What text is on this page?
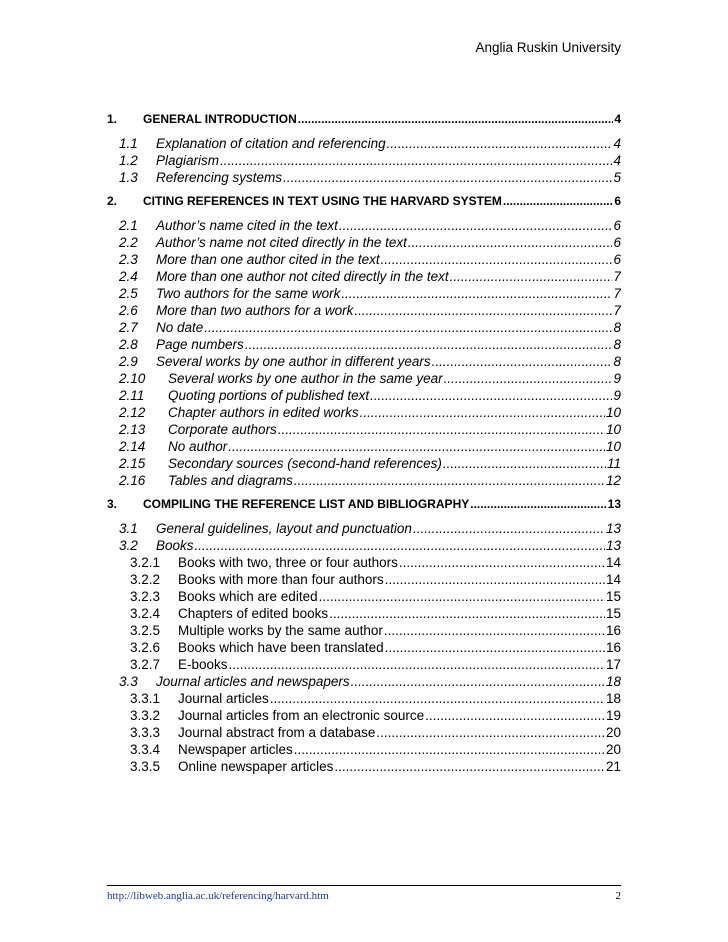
Anglia Ruskin University
1.	GENERAL INTRODUCTION .....	4
1.1	Explanation of citation and referencing .....	4
1.2	Plagiarism .....	4
1.3	Referencing systems .....	5
2.	CITING REFERENCES IN TEXT USING THE HARVARD SYSTEM .....	6
2.1	Author’s name cited in the text .....	6
2.2	Author’s name not cited directly in the text .....	6
2.3	More than one author cited in the text .....	6
2.4	More than one author not cited directly in the text .....	7
2.5	Two authors for the same work .....	7
2.6	More than two authors for a work .....	7
2.7	No date .....	8
2.8	Page numbers .....	8
2.9	Several works by one author in different years .....	8
2.10	Several works by one author in the same year .....	9
2.11	Quoting portions of published text .....	9
2.12	Chapter authors in edited works .....	10
2.13	Corporate authors .....	10
2.14	No author .....	10
2.15	Secondary sources (second-hand references) .....	11
2.16	Tables and diagrams .....	12
3.	COMPILING THE REFERENCE LIST AND BIBLIOGRAPHY .....	13
3.1	General guidelines, layout and punctuation .....	13
3.2	Books .....	13
3.2.1	Books with two, three or four authors .....	14
3.2.2	Books with more than four authors .....	14
3.2.3	Books which are edited .....	15
3.2.4	Chapters of edited books .....	15
3.2.5	Multiple works by the same author .....	16
3.2.6	Books which have been translated .....	16
3.2.7	E-books .....	17
3.3	Journal articles and newspapers .....	18
3.3.1	Journal articles .....	18
3.3.2	Journal articles from an electronic source .....	19
3.3.3	Journal abstract from a database .....	20
3.3.4	Newspaper articles .....	20
3.3.5	Online newspaper articles .....	21
http://libweb.anglia.ac.uk/referencing/harvard.htm	2
